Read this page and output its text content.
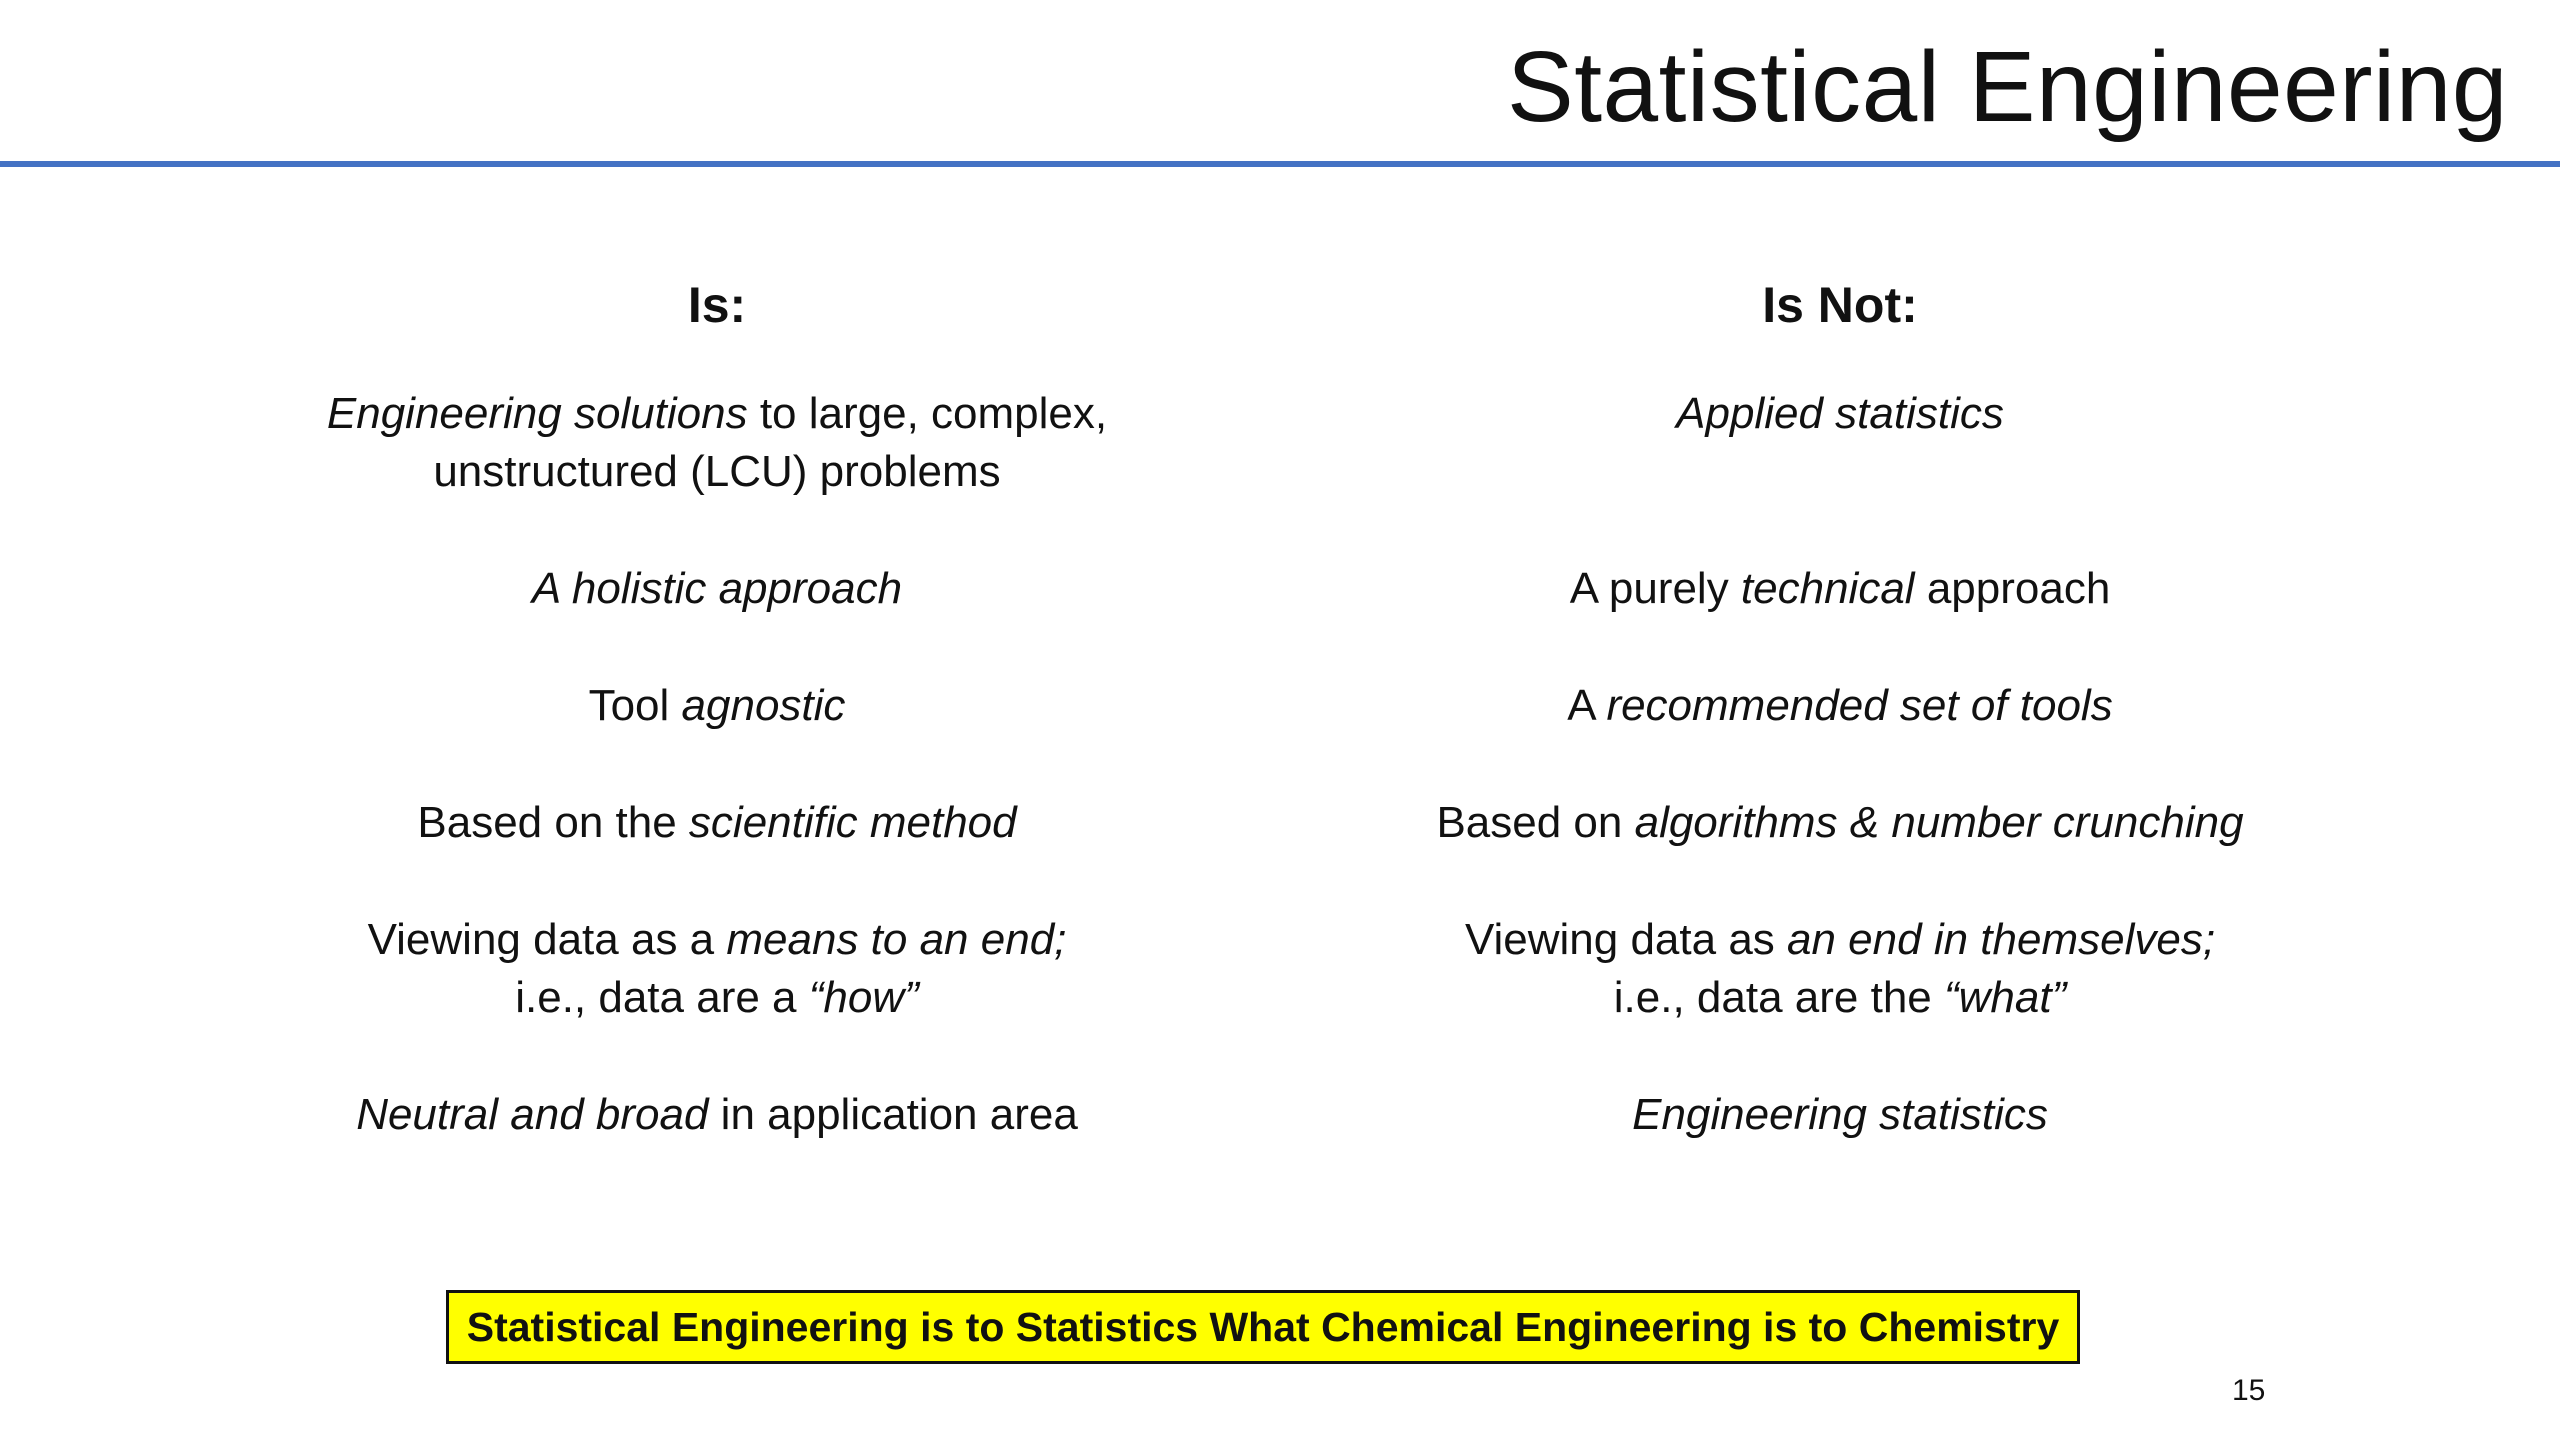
Statistical Engineering
Is:
Engineering solutions to large, complex,
unstructured (LCU) problems
A holistic approach
Tool agnostic
Based on the scientific method
Viewing data as a means to an end;
i.e., data are a “how”
Neutral and broad in application area
Is Not:
Applied statistics
A purely technical approach
A recommended set of tools
Based on algorithms & number crunching
Viewing data as an end in themselves;
i.e., data are the “what”
Engineering statistics
Statistical Engineering is to Statistics What Chemical Engineering is to Chemistry
15
